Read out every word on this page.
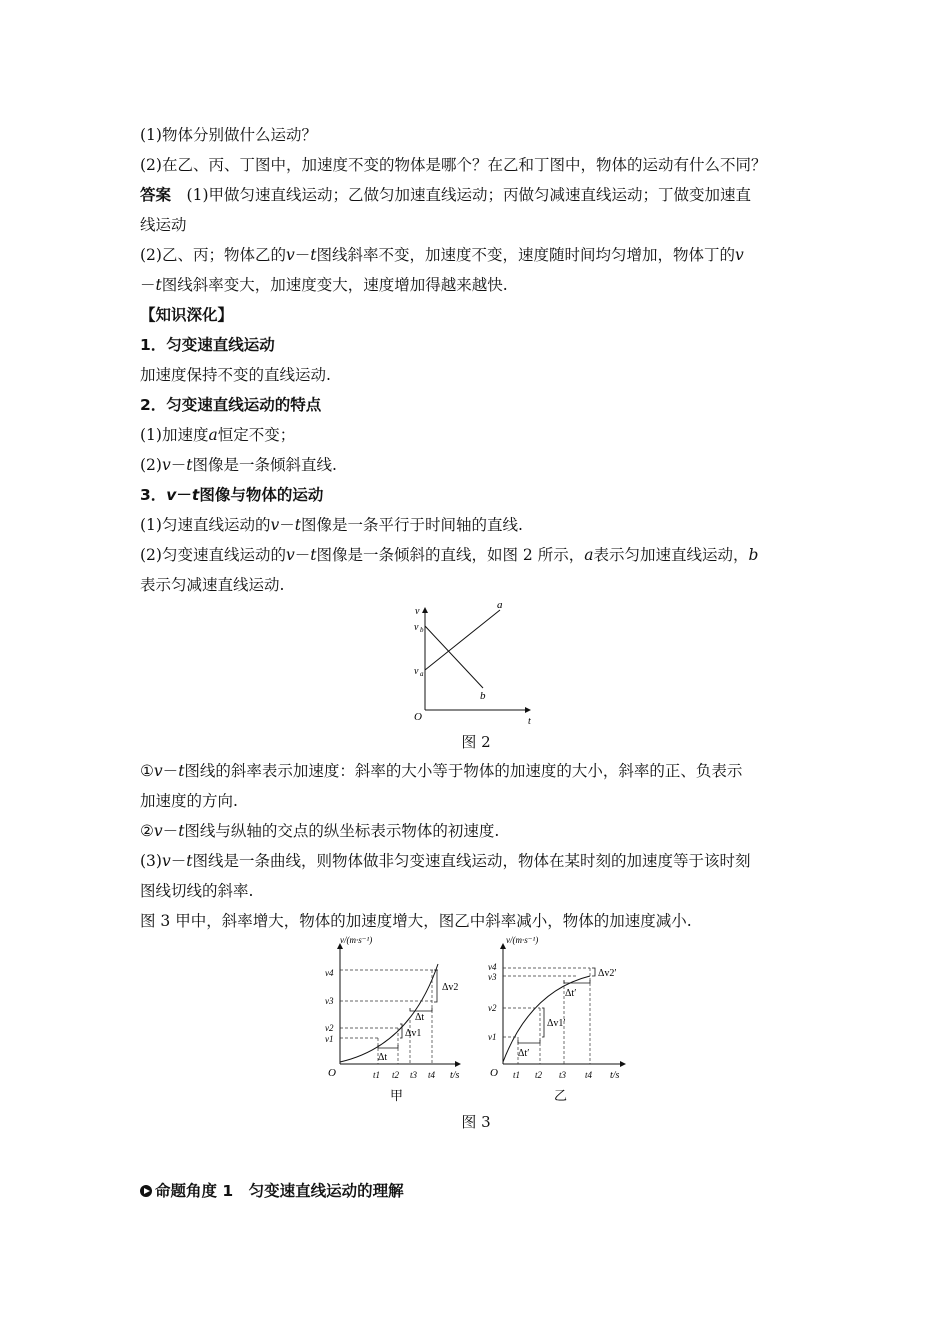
(1)物体分别做什么运动？
(2)在乙、丙、丁图中，加速度不变的物体是哪个？在乙和丁图中，物体的运动有什么不同？
答案　 (1)甲做匀速直线运动；乙做匀加速直线运动；丙做匀减速直线运动；丁做变加速直
线运动
(2)乙、丙；物体乙的v－t图线斜率不变，加速度不变，速度随时间均匀增加，物体丁的v
－t图线斜率变大，加速度变大，速度增加得越来越快.
【知识深化】
1．匀变速直线运动
加速度保持不变的直线运动.
2．匀变速直线运动的特点
(1)加速度a恒定不变；
(2)v－t图像是一条倾斜直线.
3．v－t图像与物体的运动
(1)匀速直线运动的v－t图像是一条平行于时间轴的直线.
(2)匀变速直线运动的v－t图像是一条倾斜的直线，如图 2 所示，a表示匀加速直线运动，b
表示匀减速直线运动.
v
t
O
v b
v a
a
b
图 2
①v－t图线的斜率表示加速度：斜率的大小等于物体的加速度的大小，斜率的正、负表示
加速度的方向.
②v－t图线与纵轴的交点的纵坐标表示物体的初速度.
(3)v－t图线是一条曲线，则物体做非匀变速直线运动，物体在某时刻的加速度等于该时刻
图线切线的斜率.
图 3 甲中，斜率增大，物体的加速度增大，图乙中斜率减小，物体的加速度减小.
v/(m·s⁻¹)
v4
v3
v2
v1
O	t1 t2 t3 t4 t/s
Δv2
Δt
Δv1
Δt
甲
v/(m·s⁻¹)
v4
v3
v2
v1
O t1 t2 t3 t4 t/s
Δv2′
Δt′
Δv1′
Δt′
乙
图 3
命题角度 1　匀变速直线运动的理解
